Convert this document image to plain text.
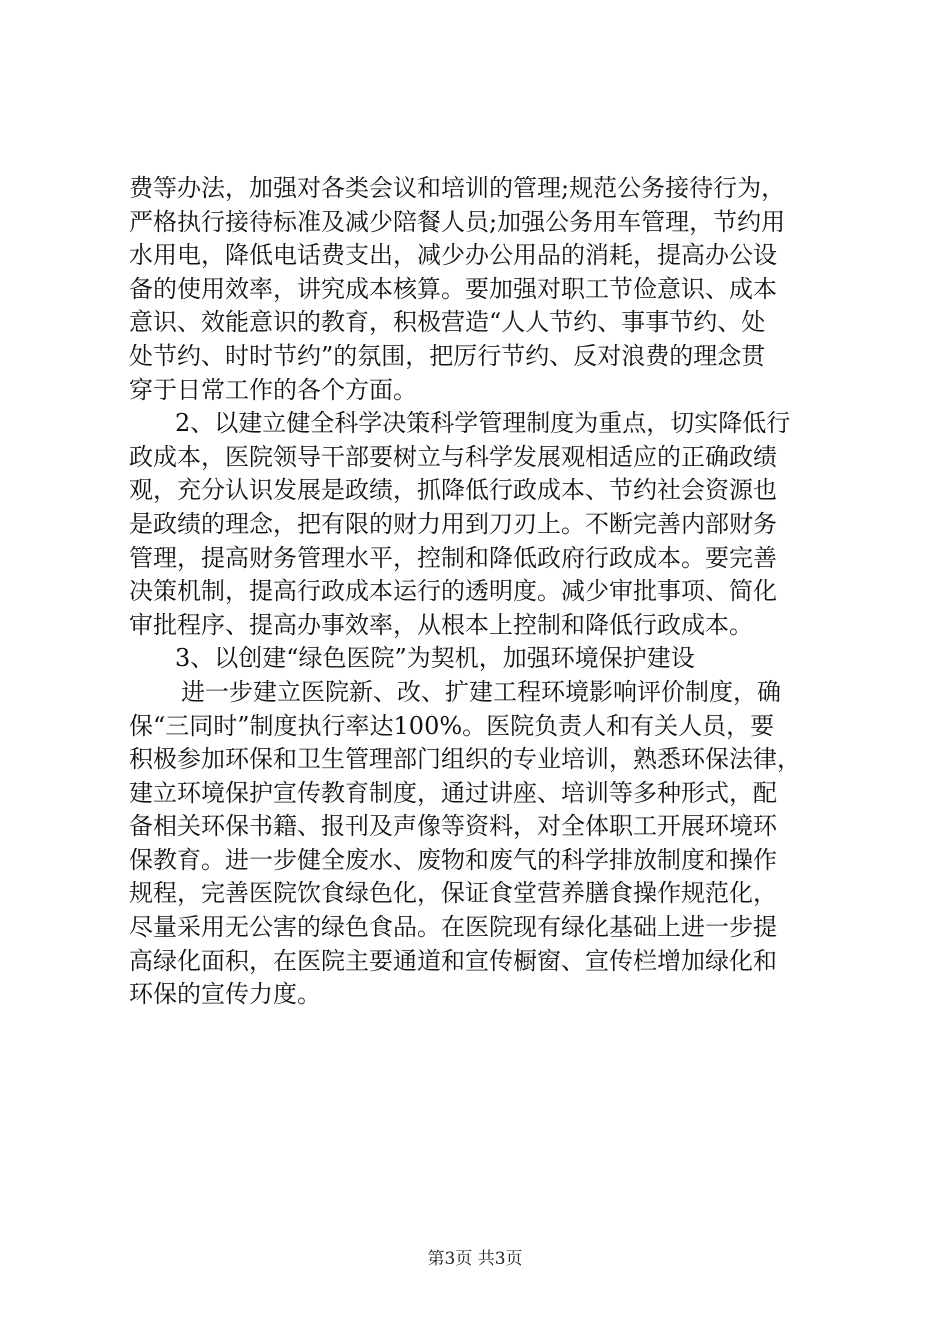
费等办法，加强对各类会议和培训的管理;规范公务接待行为，
严格执行接待标准及减少陪餐人员;加强公务用车管理，节约用
水用电，降低电话费支出，减少办公用品的消耗，提高办公设
备的使用效率，讲究成本核算。要加强对职工节俭意识、成本
意识、效能意识的教育，积极营造“人人节约、事事节约、处
处节约、时时节约”的氛围，把厉行节约、反对浪费的理念贯
穿于日常工作的各个方面。
2、以建立健全科学决策科学管理制度为重点，切实降低行
政成本，医院领导干部要树立与科学发展观相适应的正确政绩
观，充分认识发展是政绩，抓降低行政成本、节约社会资源也
是政绩的理念，把有限的财力用到刀刃上。不断完善内部财务
管理，提高财务管理水平，控制和降低政府行政成本。要完善
决策机制，提高行政成本运行的透明度。减少审批事项、简化
审批程序、提高办事效率，从根本上控制和降低行政成本。
3、以创建“绿色医院”为契机，加强环境保护建设
进一步建立医院新、改、扩建工程环境影响评价制度，确
保“三同时”制度执行率达100%。医院负责人和有关人员，要
积极参加环保和卫生管理部门组织的专业培训，熟悉环保法律，
建立环境保护宣传教育制度，通过讲座、培训等多种形式，配
备相关环保书籍、报刊及声像等资料，对全体职工开展环境环
保教育。进一步健全废水、废物和废气的科学排放制度和操作
规程，完善医院饮食绿色化，保证食堂营养膳食操作规范化，
尽量采用无公害的绿色食品。在医院现有绿化基础上进一步提
高绿化面积，在医院主要通道和宣传橱窗、宣传栏增加绿化和
环保的宣传力度。
第3页 共3页
